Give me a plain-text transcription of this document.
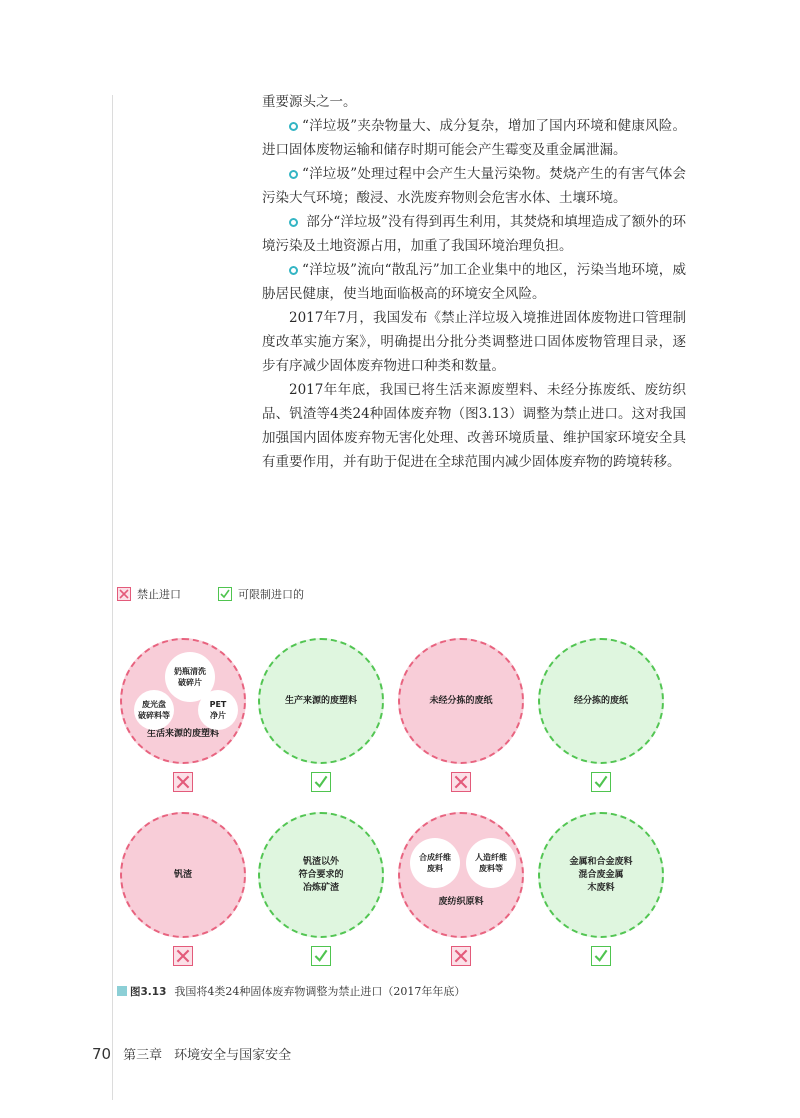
重要源头之一。

“洋垃圾”夹杂物量大、成分复杂，增加了国内环境和健康风险。进口固体废物运输和储存时期可能会产生霉变及重金属泄漏。

“洋垃圾”处理过程中会产生大量污染物。焚烧产生的有害气体会污染大气环境；酸浸、水洗废弃物则会危害水体、土壤环境。

部分“洋垃圾”没有得到再生利用，其焚烧和填埋造成了额外的环境污染及土地资源占用，加重了我国环境治理负担。

“洋垃圾”流向“散乱污”加工企业集中的地区，污染当地环境，威胁居民健康，使当地面临极高的环境安全风险。

2017年7月，我国发布《禁止洋垃圾入境推进固体废物进口管理制度改革实施方案》，明确提出分批分类调整进口固体废物管理目录，逐步有序减少固体废弃物进口种类和数量。

2017年年底，我国已将生活来源废塑料、未经分拣废纸、废纺织品、钒渣等4类24种固体废弃物（图3.13）调整为禁止进口。这对我国加强国内固体废弃物无害化处理、改善环境质量、维护国家环境安全具有重要作用，并有助于促进在全球范围内减少固体废弃物的跨境转移。

禁止进口	可限制进口的
生活来源的废塑料
奶瓶清洗
破碎片
废光盘
破碎料等
PET
净片
生产来源的废塑料	未经分拣的废纸	经分拣的废纸
钒渣
钒渣以外
符合要求的
冶炼矿渣
废纺织原料
合成纤维
废料
人造纤维
废料等
金属和合金废料
混合废金属
木废料
图3.13 我国将4类24种固体废弃物调整为禁止进口（2017年年底）
70 第三章 环境安全与国家安全
